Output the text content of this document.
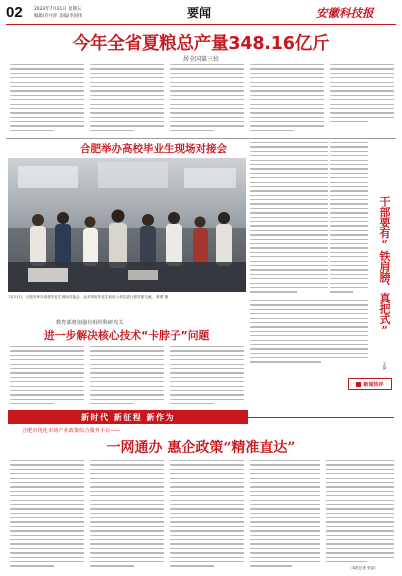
02	2023年7月21日 星期五
编辑/许丹萍 美编/李国伟	要闻	安徽科技报
今年全省夏粮总产量348.16亿斤
居全国第三位
合肥举办高校毕业生现场对接会
7月21日，合肥市举办高校毕业生现场对接会，众多高校毕业生和用人单位进行面对面交流。 黄勇 摄	干部要有“铁肩膀、真把式”
王磊
数育部将加强有组织科研攻关
进一步解决核心技术“卡脖子”问题
新闻热评
新时代 新征程 新作为
合肥市优化市场产业政策综合服务平台——
一网通办 惠企政策“精准直达”
（本报记者 张某）
